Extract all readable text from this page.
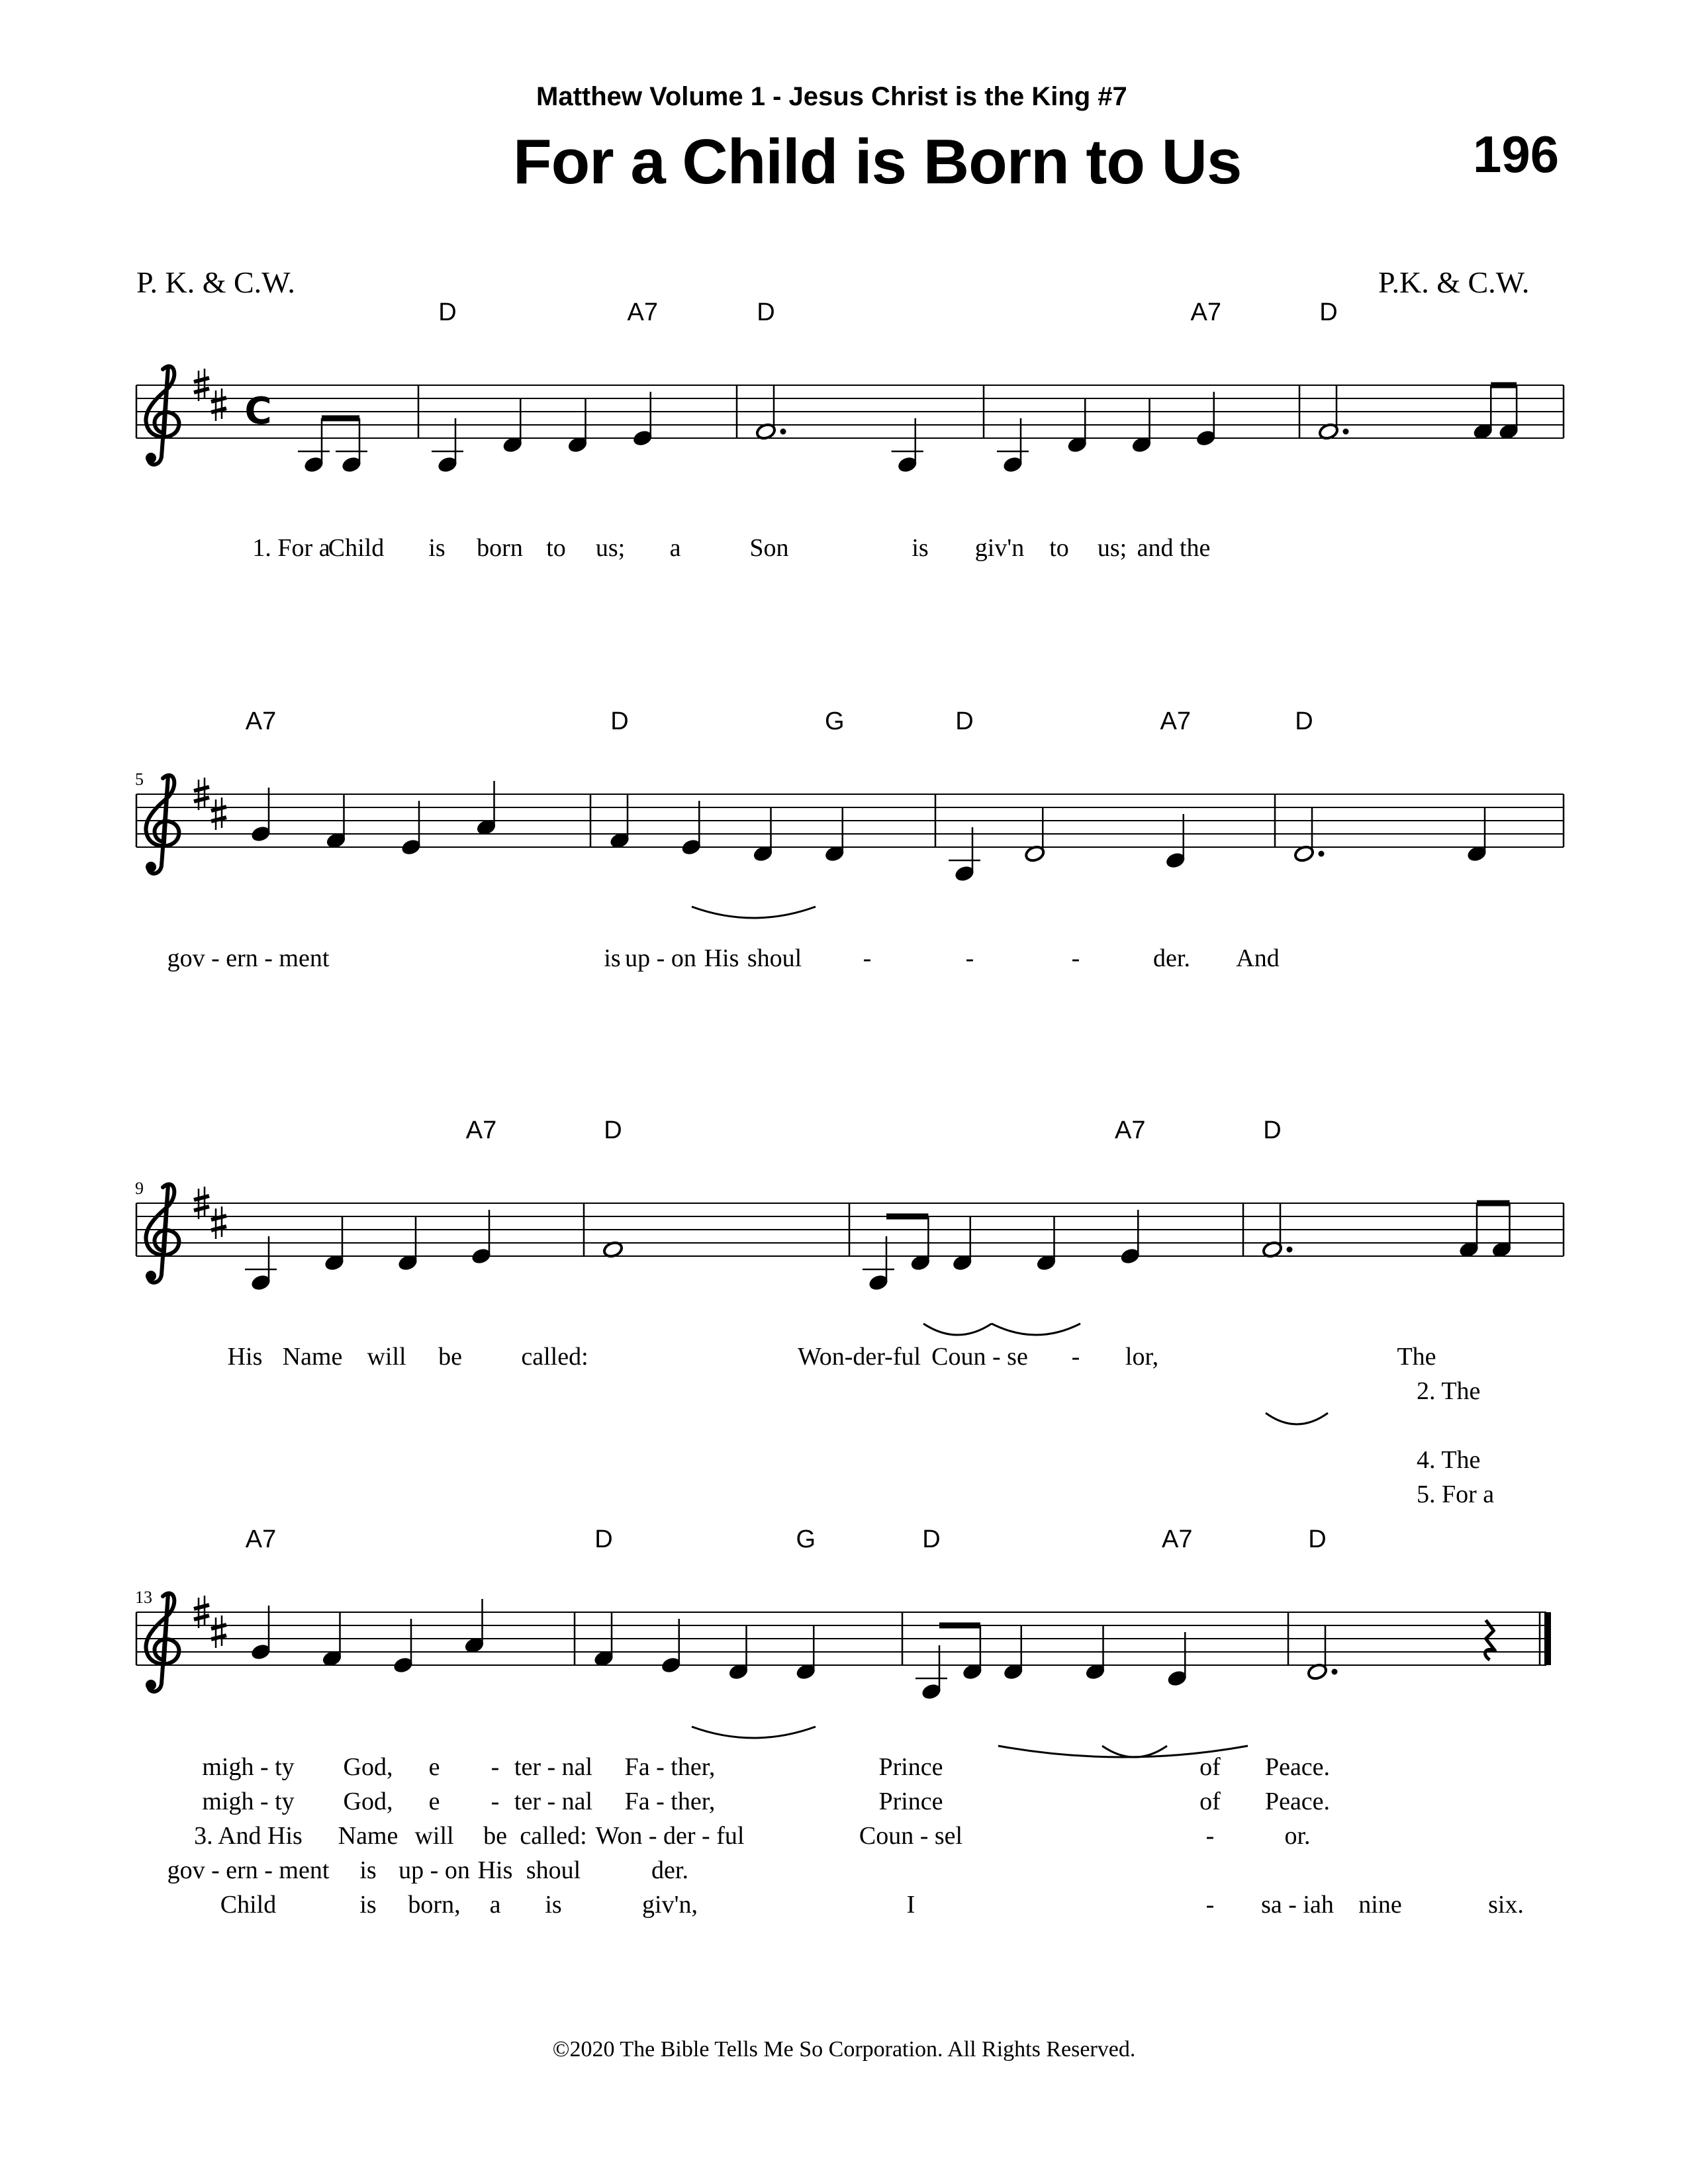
Matthew Volume 1 - Jesus Christ is the King #7
For a Child is Born to Us	196
P. K. & C.W.	P.K. & C.W.
C
D	A7	D	A7	D
1. For a
Child is born to us; a	Son	is giv'n to us; and the
5
A7	D	G	D	A7	D
gov - ern - ment	is up - on His shoul -	-	-	der. And
9
A7	D	A7	D
His Name will be called:	Won-der-ful Coun - se - lor,	The
2. The
4. The
5. For a
13
A7	D	G	D	A7	D
migh - ty God, e - ter - nal Fa - ther,	Prince	of Peace.
migh - ty God, e - ter - nal Fa - ther,	Prince	of Peace.
3. And His Name will be called: Won - der - ful	Coun - sel	-	or.
gov - ern - ment is up - on His shoul	der.
Child	is born, a is	giv'n,	I	- sa - iah nine	six.
©2020 The Bible Tells Me So Corporation. All Rights Reserved.
